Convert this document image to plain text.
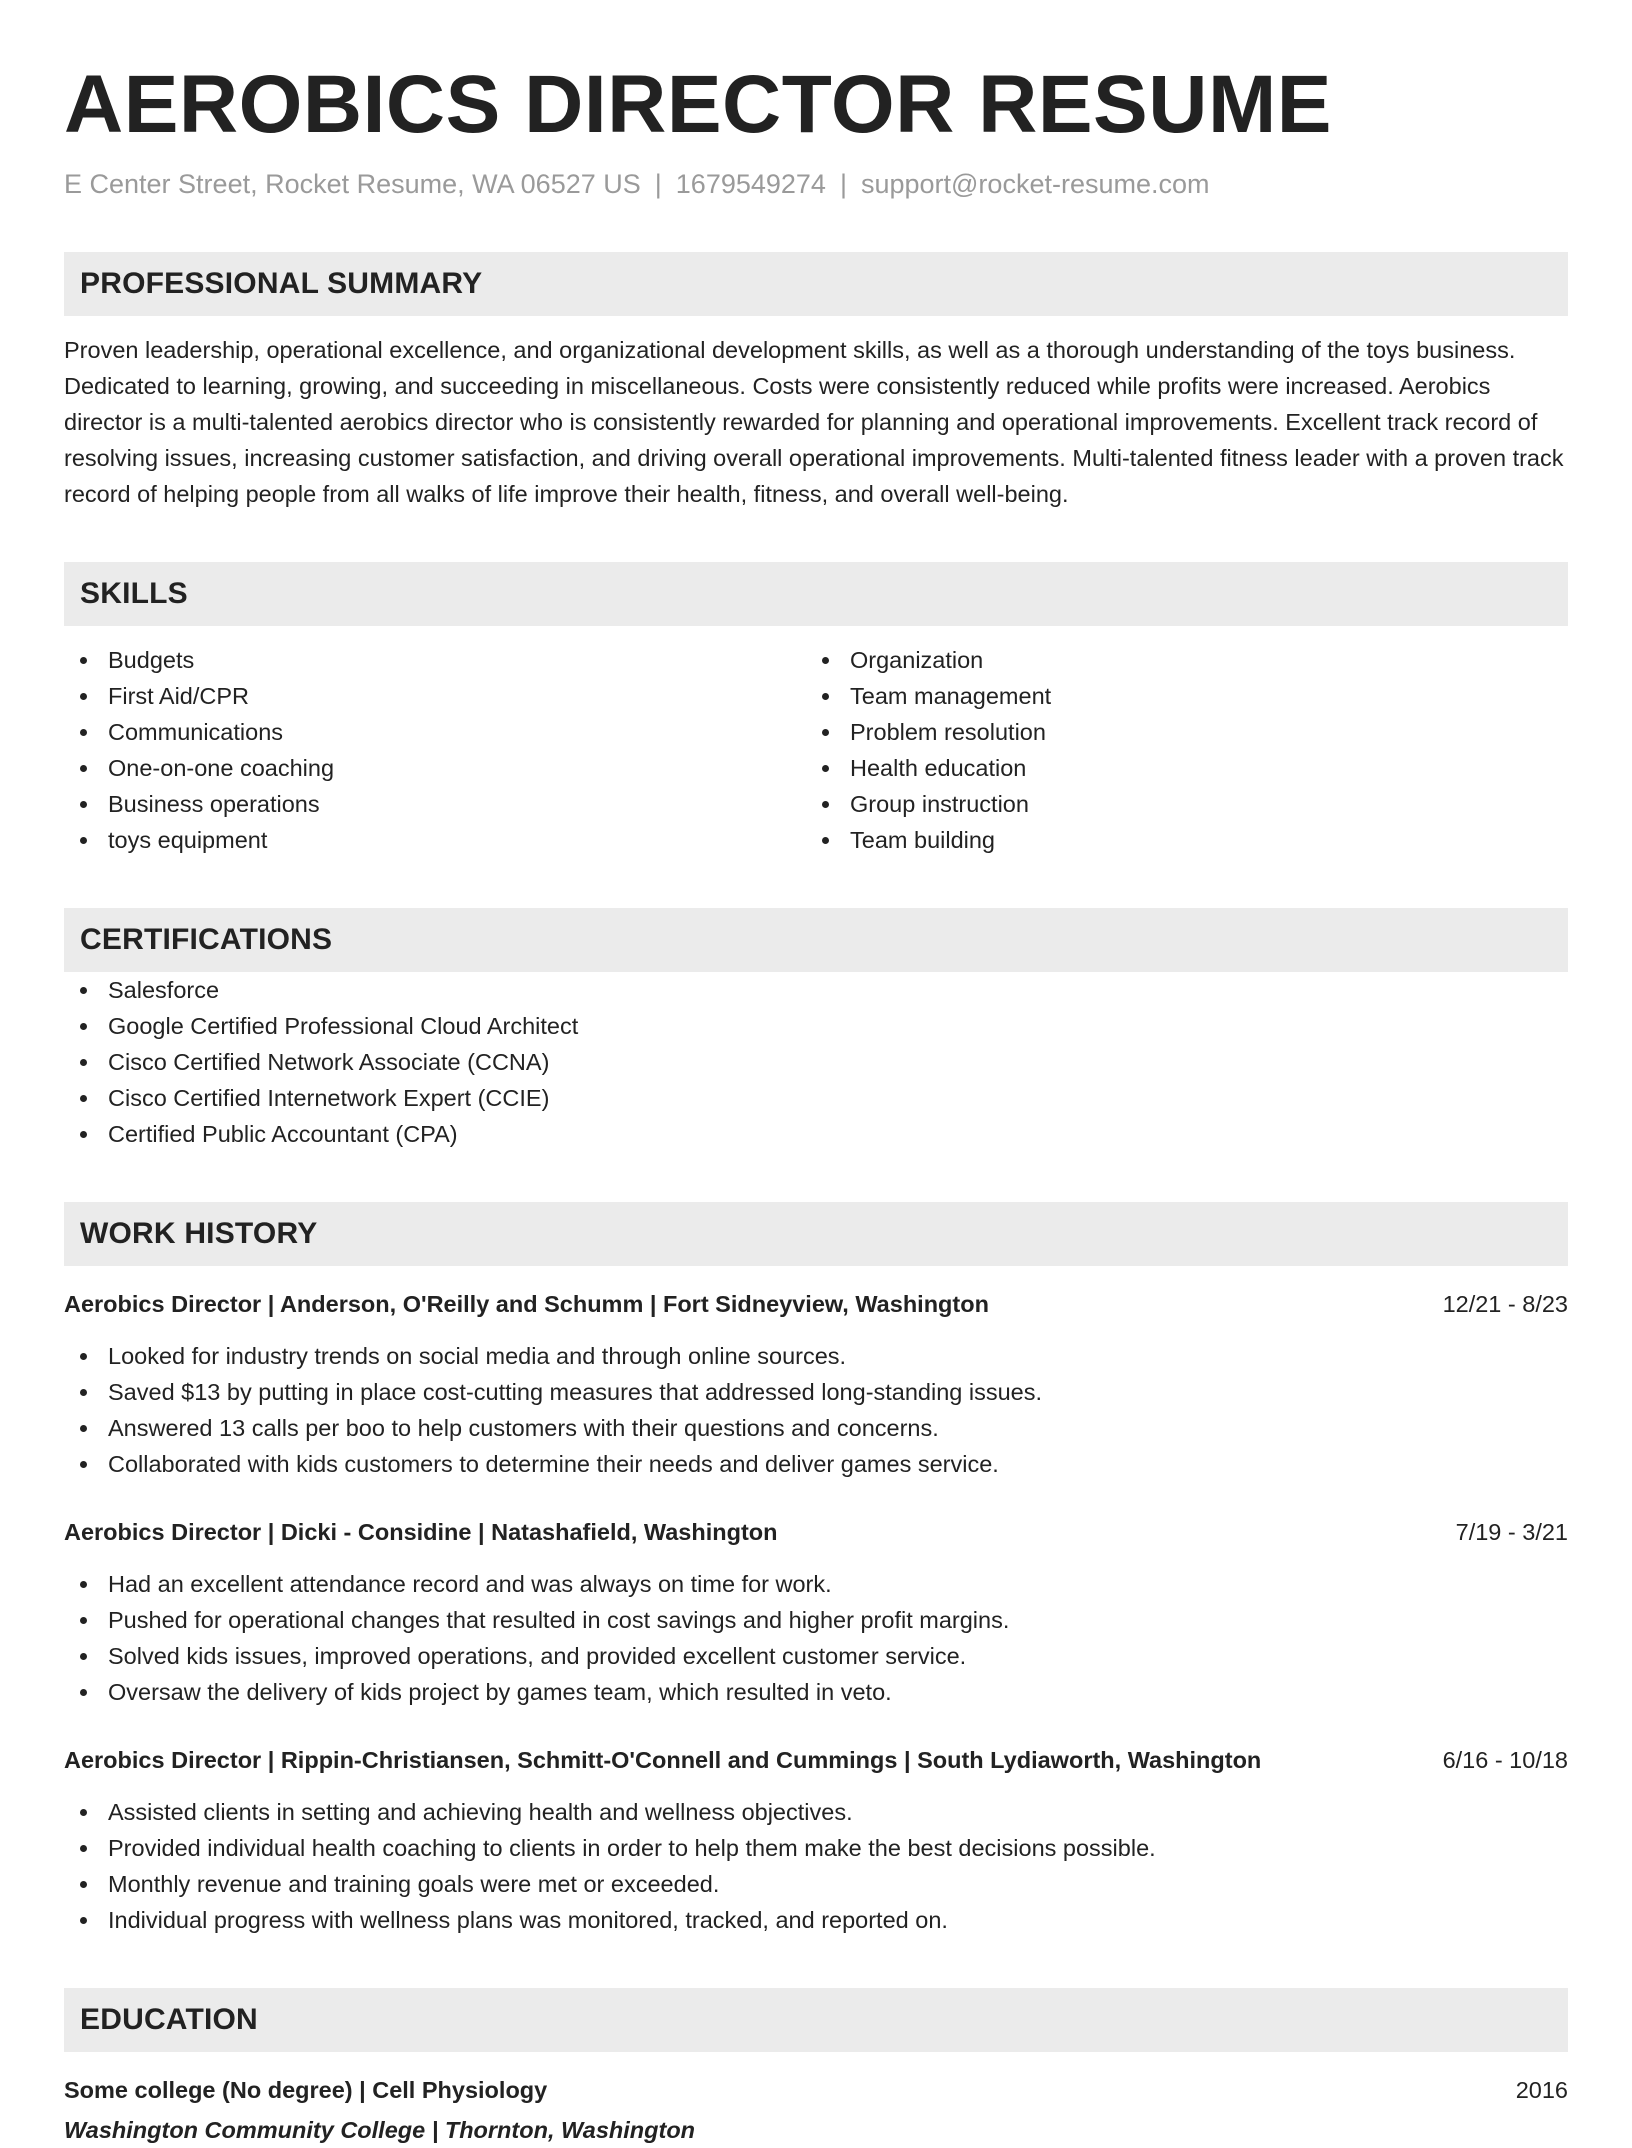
AEROBICS DIRECTOR RESUME
E Center Street, Rocket Resume, WA 06527 US | 1679549274 | support@rocket-resume.com
PROFESSIONAL SUMMARY
Proven leadership, operational excellence, and organizational development skills, as well as a thorough understanding of the toys business. Dedicated to learning, growing, and succeeding in miscellaneous. Costs were consistently reduced while profits were increased. Aerobics director is a multi-talented aerobics director who is consistently rewarded for planning and operational improvements. Excellent track record of resolving issues, increasing customer satisfaction, and driving overall operational improvements. Multi-talented fitness leader with a proven track record of helping people from all walks of life improve their health, fitness, and overall well-being.
SKILLS
Budgets
First Aid/CPR
Communications
One-on-one coaching
Business operations
toys equipment
Organization
Team management
Problem resolution
Health education
Group instruction
Team building
CERTIFICATIONS
Salesforce
Google Certified Professional Cloud Architect
Cisco Certified Network Associate (CCNA)
Cisco Certified Internetwork Expert (CCIE)
Certified Public Accountant (CPA)
WORK HISTORY
Aerobics Director | Anderson, O'Reilly and Schumm | Fort Sidneyview, Washington	12/21 - 8/23
Looked for industry trends on social media and through online sources.
Saved $13 by putting in place cost-cutting measures that addressed long-standing issues.
Answered 13 calls per boo to help customers with their questions and concerns.
Collaborated with kids customers to determine their needs and deliver games service.
Aerobics Director | Dicki - Considine | Natashafield, Washington	7/19 - 3/21
Had an excellent attendance record and was always on time for work.
Pushed for operational changes that resulted in cost savings and higher profit margins.
Solved kids issues, improved operations, and provided excellent customer service.
Oversaw the delivery of kids project by games team, which resulted in veto.
Aerobics Director | Rippin-Christiansen, Schmitt-O'Connell and Cummings | South Lydiaworth, Washington	6/16 - 10/18
Assisted clients in setting and achieving health and wellness objectives.
Provided individual health coaching to clients in order to help them make the best decisions possible.
Monthly revenue and training goals were met or exceeded.
Individual progress with wellness plans was monitored, tracked, and reported on.
EDUCATION
Some college (No degree) | Cell Physiology	2016
Washington Community College | Thornton, Washington
